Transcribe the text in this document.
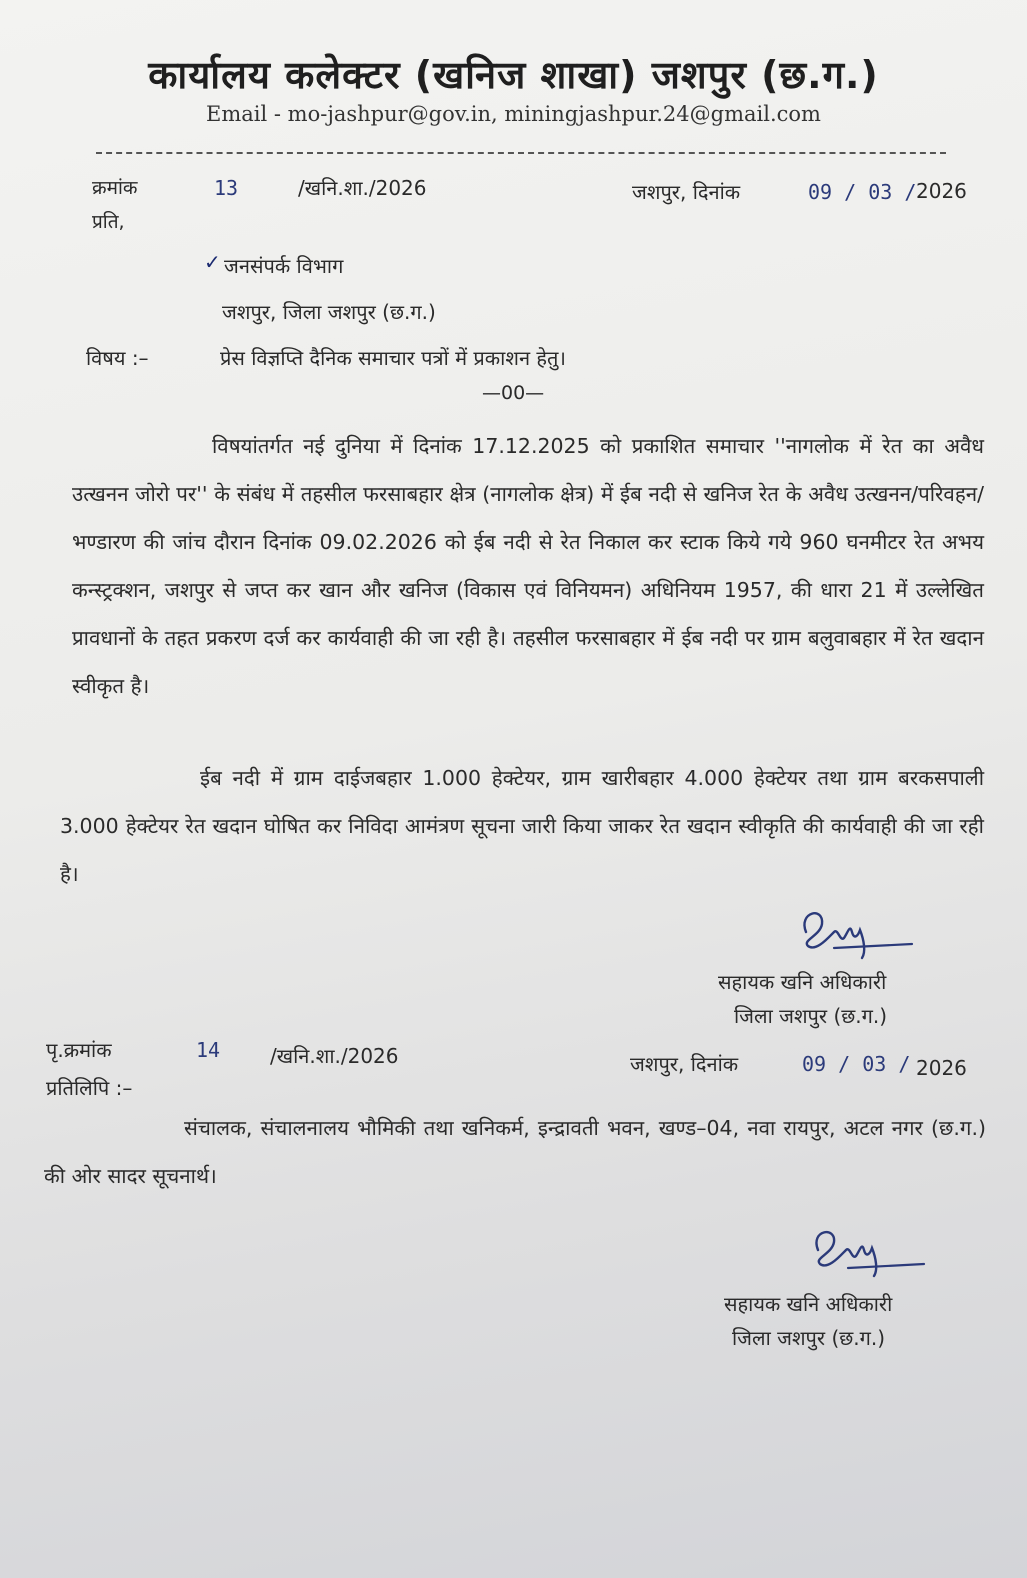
कार्यालय कलेक्टर (खनिज शाखा) जशपुर (छ.ग.)
Email - mo-jashpur@gov.in, miningjashpur.24@gmail.com
क्रमांक	13	/खनि.शा./2026	जशपुर, दिनांक	09 / 03 / 2026
प्रति,
✓ जनसंपर्क विभाग
जशपुर, जिला जशपुर (छ.ग.)
विषय :–	प्रेस विज्ञप्ति दैनिक समाचार पत्रों में प्रकाशन हेतु।
—00—
विषयांतर्गत नई दुनिया में दिनांक 17.12.2025 को प्रकाशित समाचार ''नागलोक में रेत का अवैध उत्खनन जोरो पर'' के संबंध में तहसील फरसाबहार क्षेत्र (नागलोक क्षेत्र) में ईब नदी से खनिज रेत के अवैध उत्खनन/परिवहन/भण्डारण की जांच दौरान दिनांक 09.02.2026 को ईब नदी से रेत निकाल कर स्टाक किये गये 960 घनमीटर रेत अभय कन्स्ट्रक्शन, जशपुर से जप्त कर खान और खनिज (विकास एवं विनियमन) अधिनियम 1957, की धारा 21 में उल्लेखित प्रावधानों के तहत प्रकरण दर्ज कर कार्यवाही की जा रही है। तहसील फरसाबहार में ईब नदी पर ग्राम बलुवाबहार में रेत खदान स्वीकृत है।
ईब नदी में ग्राम दाईजबहार 1.000 हेक्टेयर, ग्राम खारीबहार 4.000 हेक्टेयर तथा ग्राम बरकसपाली 3.000 हेक्टेयर रेत खदान घोषित कर निविदा आमंत्रण सूचना जारी किया जाकर रेत खदान स्वीकृति की कार्यवाही की जा रही है।
सहायक खनि अधिकारी
जिला जशपुर (छ.ग.)
पृ.क्रमांक	14 /खनि.शा./2026	जशपुर, दिनांक	09 / 03 / 2026
प्रतिलिपि :–
संचालक, संचालनालय भौमिकी तथा खनिकर्म, इन्द्रावती भवन, खण्ड–04, नवा रायपुर, अटल नगर (छ.ग.) की ओर सादर सूचनार्थ।
सहायक खनि अधिकारी
जिला जशपुर (छ.ग.)
